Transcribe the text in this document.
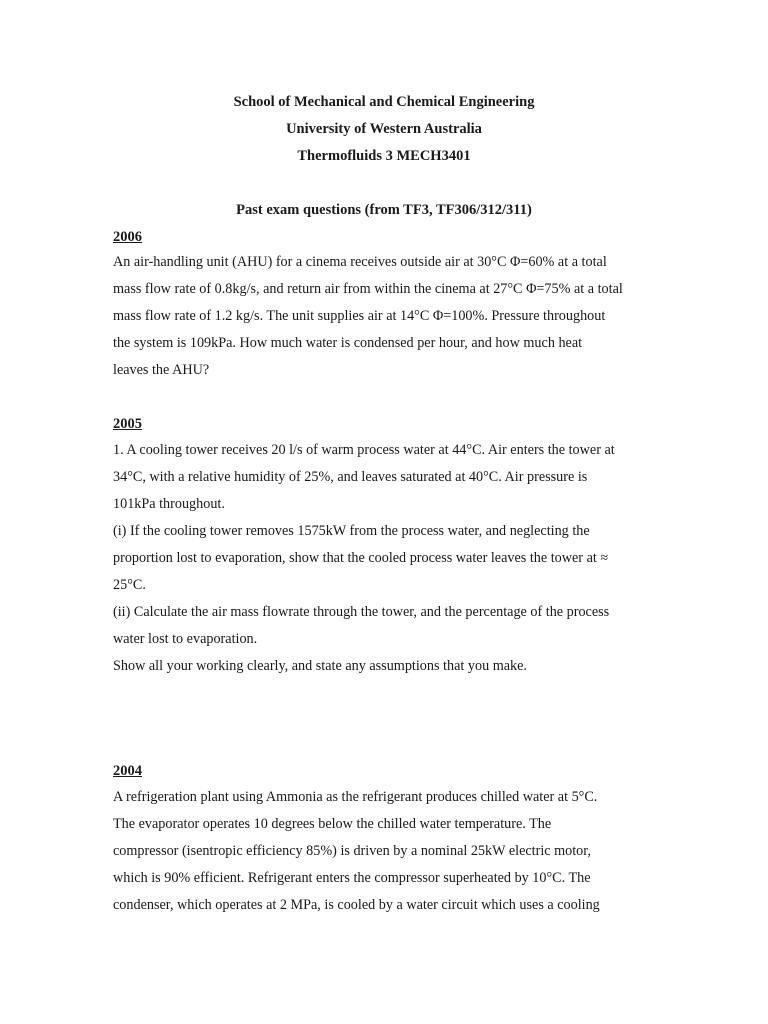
School of Mechanical and Chemical Engineering
University of Western Australia
Thermofluids 3 MECH3401
Past exam questions (from TF3, TF306/312/311)
2006
An air-handling unit (AHU) for a cinema receives outside air at 30°C Φ=60% at a total
mass flow rate of 0.8kg/s, and return air from within the cinema at 27°C Φ=75% at a total
mass flow rate of 1.2 kg/s. The unit supplies air at 14°C Φ=100%. Pressure throughout
the system is 109kPa. How much water is condensed per hour, and how much heat
leaves the AHU?
2005
1. A cooling tower receives 20 l/s of warm process water at 44°C. Air enters the tower at
34°C, with a relative humidity of 25%, and leaves saturated at 40°C. Air pressure is
101kPa throughout.
(i) If the cooling tower removes 1575kW from the process water, and neglecting the
proportion lost to evaporation, show that the cooled process water leaves the tower at ≈
25°C.
(ii) Calculate the air mass flowrate through the tower, and the percentage of the process
water lost to evaporation.
Show all your working clearly, and state any assumptions that you make.
2004
A refrigeration plant using Ammonia as the refrigerant produces chilled water at 5°C.
The evaporator operates 10 degrees below the chilled water temperature. The
compressor (isentropic efficiency 85%) is driven by a nominal 25kW electric motor,
which is 90% efficient. Refrigerant enters the compressor superheated by 10°C. The
condenser, which operates at 2 MPa, is cooled by a water circuit which uses a cooling
